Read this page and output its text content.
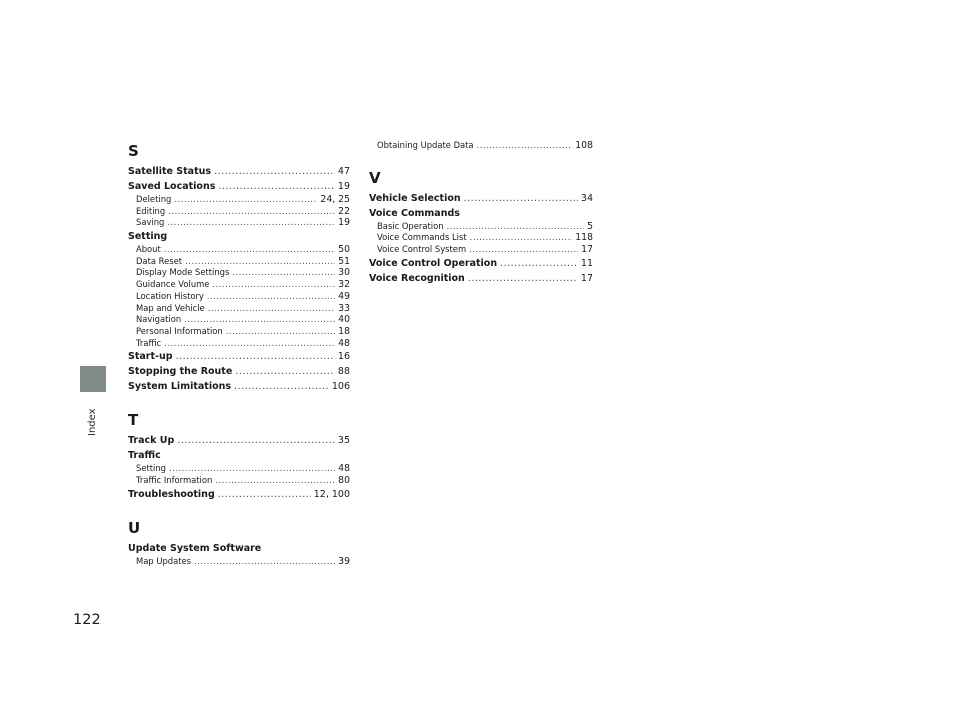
Index
S
Satellite Status .....	47
Saved Locations .....	19
Deleting .....	24, 25
Editing .....	22
Saving .....	19
Setting
About .....	50
Data Reset .....	51
Display Mode Settings .....	30
Guidance Volume .....	32
Location History .....	49
Map and Vehicle .....	33
Navigation .....	40
Personal Information .....	18
Traffic .....	48
Start-up .....	16
Stopping the Route .....	88
System Limitations .....	106
T
Track Up .....	35
Traffic
Setting .....	48
Traffic Information .....	80
Troubleshooting .....	12, 100
U
Update System Software
Map Updates .....	39
Obtaining Update Data .....	108
V
Vehicle Selection .....	34
Voice Commands
Basic Operation .....	5
Voice Commands List .....	118
Voice Control System .....	17
Voice Control Operation .....	11
Voice Recognition .....	17
122
